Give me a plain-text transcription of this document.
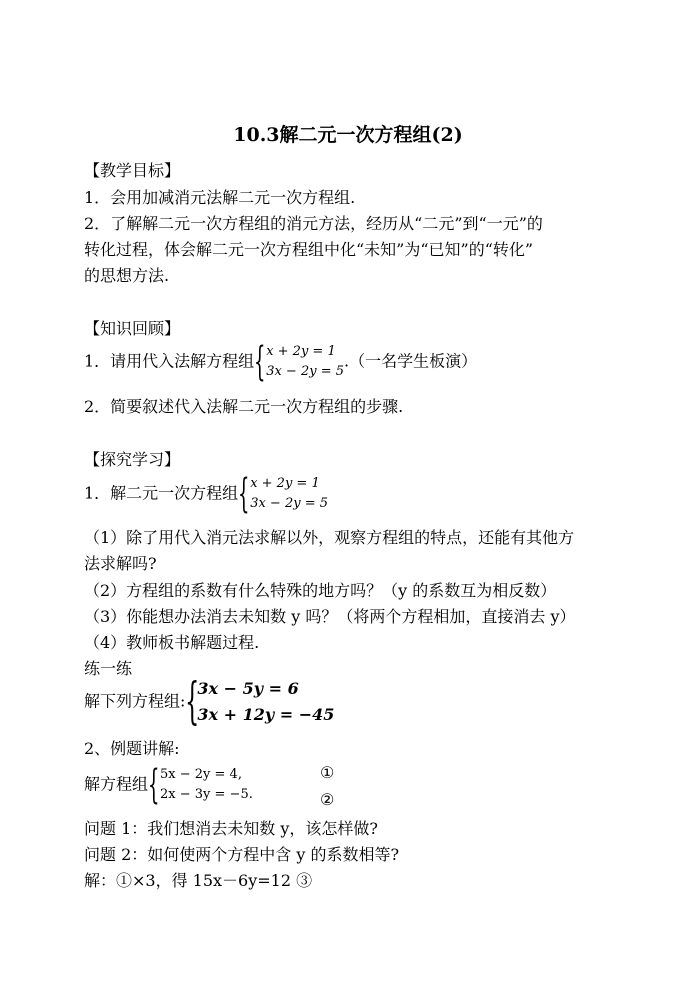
10.3解二元一次方程组(2)
【教学目标】
1．会用加减消元法解二元一次方程组.
2．了解解二元一次方程组的消元方法，经历从“二元”到“一元”的
转化过程，体会解二元一次方程组中化“未知”为“已知”的“转化”
的思想方法.
【知识回顾】
1．请用代入法解方程组 { x + 2y = 1
3x − 2y = 5
.（一名学生板演）
2．简要叙述代入法解二元一次方程组的步骤.
【探究学习】
1．解二元一次方程组 { x + 2y = 1
3x − 2y = 5
（1）除了用代入消元法求解以外，观察方程组的特点，还能有其他方
法求解吗?
（2）方程组的系数有什么特殊的地方吗？（y 的系数互为相反数）
（3）你能想办法消去未知数 y 吗？（将两个方程相加，直接消去 y）
（4）教师板书解题过程.
练一练
解下列方程组: {
3x − 5y = 6
3x + 12y = −45
2、例题讲解:
解方程组 { 5x − 2y = 4,
2x − 3y = −5.
①
②
问题 1：我们想消去未知数 y，该怎样做?
问题 2：如何使两个方程中含 y 的系数相等?
解：①×3，得 15x－6y=12 ③
